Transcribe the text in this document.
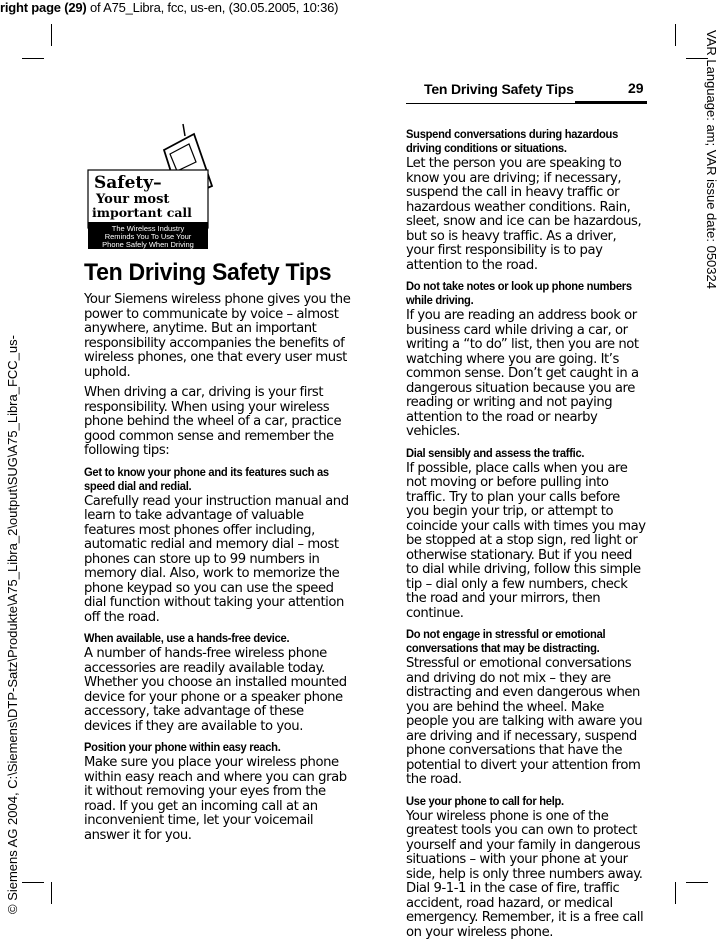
right page (29) of A75_Libra, fcc, us-en, (30.05.2005, 10:36)
© Siemens AG 2004, C:\Siemens\DTP-Satz\Produkte\A75_Libra_2\output\SUG\A75_Libra_FCC_us-
VAR Language: am; VAR issue date: 050324
Ten Driving Safety Tips	29
Safety–
Your most
important call
The Wireless Industry
Reminds You To Use Your
Phone Safely When Driving
Ten Driving Safety Tips

Your Siemens wireless phone gives you the power to communicate by voice – almost anywhere, anytime. But an important responsibility accompanies the benefits of wireless phones, one that every user must uphold.

When driving a car, driving is your first responsibility. When using your wireless phone behind the wheel of a car, practice good common sense and remember the following tips:

Get to know your phone and its features such as speed dial and redial.

Carefully read your instruction manual and learn to take advantage of valuable features most phones offer including, automatic redial and memory dial – most phones can store up to 99 numbers in memory dial. Also, work to memorize the phone keypad so you can use the speed dial function without taking your attention off the road.

When available, use a hands-free device.

A number of hands-free wireless phone accessories are readily available today. Whether you choose an installed mounted device for your phone or a speaker phone accessory, take advantage of these devices if they are available to you.

Position your phone within easy reach.

Make sure you place your wireless phone within easy reach and where you can grab it without removing your eyes from the road. If you get an incoming call at an inconvenient time, let your voicemail answer it for you.

Suspend conversations during hazardous driving conditions or situations.

Let the person you are speaking to know you are driving; if necessary, suspend the call in heavy traffic or hazardous weather conditions. Rain, sleet, snow and ice can be hazardous, but so is heavy traffic. As a driver, your first responsibility is to pay attention to the road.

Do not take notes or look up phone numbers while driving.

If you are reading an address book or business card while driving a car, or writing a “to do” list, then you are not watching where you are going. It’s common sense. Don’t get caught in a dangerous situation because you are reading or writing and not paying attention to the road or nearby vehicles.

Dial sensibly and assess the traffic.

If possible, place calls when you are not moving or before pulling into traffic. Try to plan your calls before you begin your trip, or attempt to coincide your calls with times you may be stopped at a stop sign, red light or otherwise stationary. But if you need to dial while driving, follow this simple tip – dial only a few numbers, check the road and your mirrors, then continue.

Do not engage in stressful or emotional conversations that may be distracting.

Stressful or emotional conversations and driving do not mix – they are distracting and even dangerous when you are behind the wheel. Make people you are talking with aware you are driving and if necessary, suspend phone conversations that have the potential to divert your attention from the road.

Use your phone to call for help.

Your wireless phone is one of the greatest tools you can own to protect yourself and your family in dangerous situations – with your phone at your side, help is only three numbers away. Dial 9-1-1 in the case of fire, traffic accident, road hazard, or medical emergency. Remember, it is a free call on your wireless phone.
